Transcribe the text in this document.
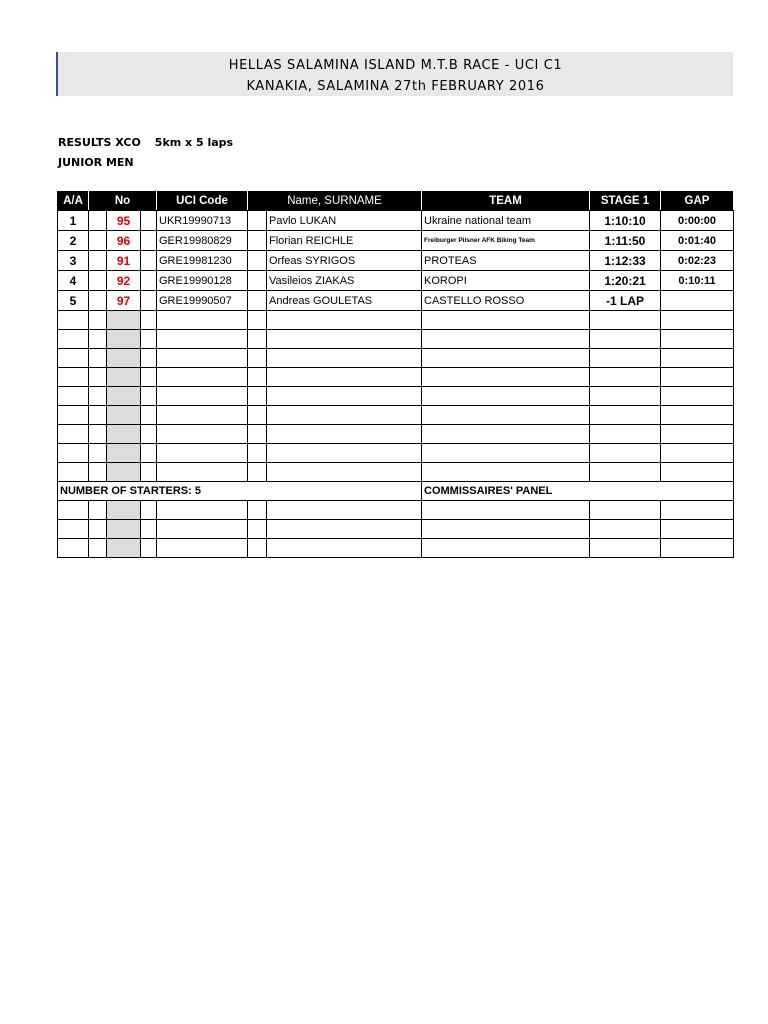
HELLAS SALAMINA ISLAND M.T.B RACE - UCI C1
KANAKIA, SALAMINA 27th FEBRUARY 2016
RESULTS XCO 5km x 5 laps
JUNIOR MEN
A/A	No			UCI Code	Name, SURNAME		TEAM	STAGE 1	GAP
1		95		UKR19990713		Pavlo LUKAN	Ukraine national team	1:10:10	0:00:00
2		96		GER19980829		Florian REICHLE	Freiburger Pilsner AFK Biking Team	1:11:50	0:01:40
3		91		GRE19981230		Orfeas SYRIGOS	PROTEAS	1:12:33	0:02:23
4		92		GRE19990128		Vasileios ZIAKAS	KOROPI	1:20:21	0:10:11
5		97		GRE19990507		Andreas GOULETAS	CASTELLO ROSSO	-1 LAP	

NUMBER OF STARTERS: 5							COMMISSAIRES' PANEL		
